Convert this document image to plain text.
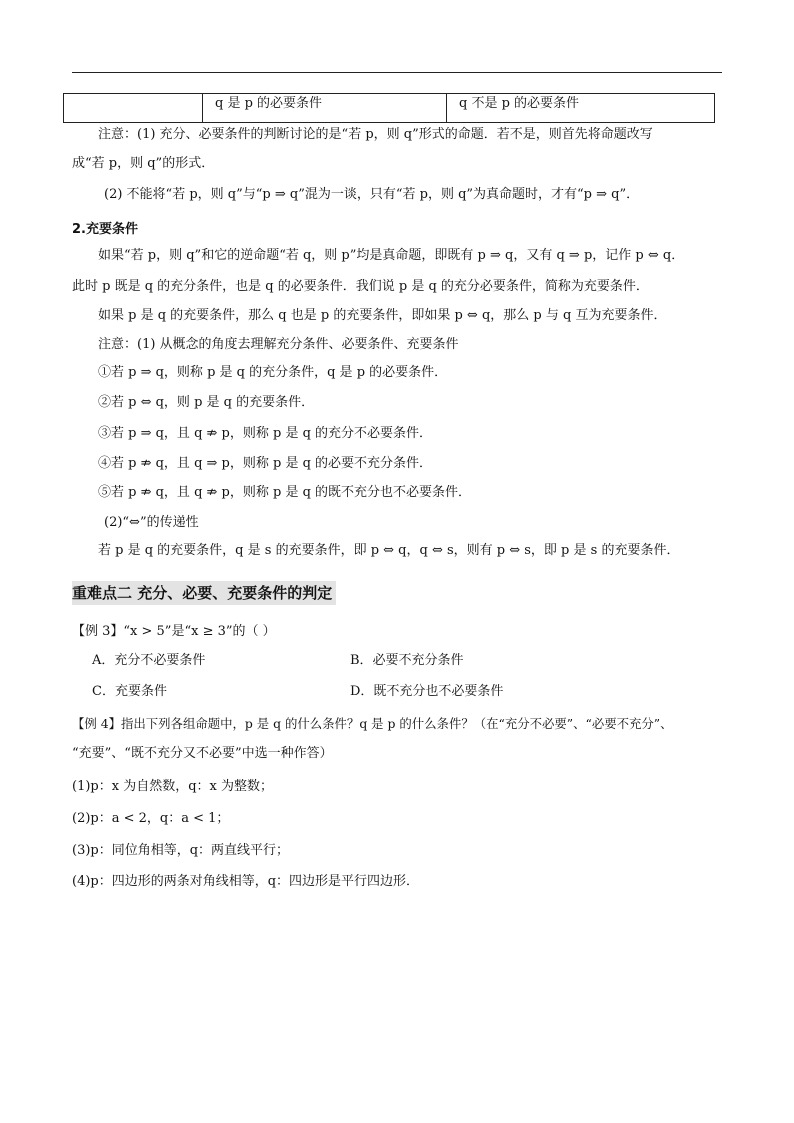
	q 是 p 的必要条件	q 不是 p 的必要条件
注意：(1) 充分、必要条件的判断讨论的是“若 p，则 q”形式的命题．若不是，则首先将命题改写
成“若 p，则 q”的形式．
(2) 不能将“若 p，则 q”与“p ⇒ q”混为一谈，只有“若 p，则 q”为真命题时，才有“p ⇒ q”．
2.充要条件
如果“若 p，则 q”和它的逆命题“若 q，则 p”均是真命题，即既有 p ⇒ q，又有 q ⇒ p，记作 p ⇔ q．
此时 p 既是 q 的充分条件，也是 q 的必要条件．我们说 p 是 q 的充分必要条件，简称为充要条件．
如果 p 是 q 的充要条件，那么 q 也是 p 的充要条件，即如果 p ⇔ q，那么 p 与 q 互为充要条件．
注意：(1) 从概念的角度去理解充分条件、必要条件、充要条件
①若 p ⇒ q，则称 p 是 q 的充分条件，q 是 p 的必要条件．
②若 p ⇔ q，则 p 是 q 的充要条件．
③若 p ⇒ q，且 q ⇏ p，则称 p 是 q 的充分不必要条件．
④若 p ⇏ q，且 q ⇒ p，则称 p 是 q 的必要不充分条件．
⑤若 p ⇏ q，且 q ⇏ p，则称 p 是 q 的既不充分也不必要条件．
(2)“⇔”的传递性
若 p 是 q 的充要条件，q 是 s 的充要条件，即 p ⇔ q，q ⇔ s，则有 p ⇔ s，即 p 是 s 的充要条件．
重难点二 充分、必要、充要条件的判定
【例 3】“x > 5”是“x ≥ 3”的（ ）
A．充分不必要条件	B．必要不充分条件
C．充要条件	D．既不充分也不必要条件
【例 4】指出下列各组命题中，p 是 q 的什么条件？q 是 p 的什么条件？（在“充分不必要”、“必要不充分”、
“充要”、“既不充分又不必要”中选一种作答）
(1)p：x 为自然数，q：x 为整数；
(2)p：a < 2，q：a < 1；
(3)p：同位角相等，q：两直线平行；
(4)p：四边形的两条对角线相等，q：四边形是平行四边形．
